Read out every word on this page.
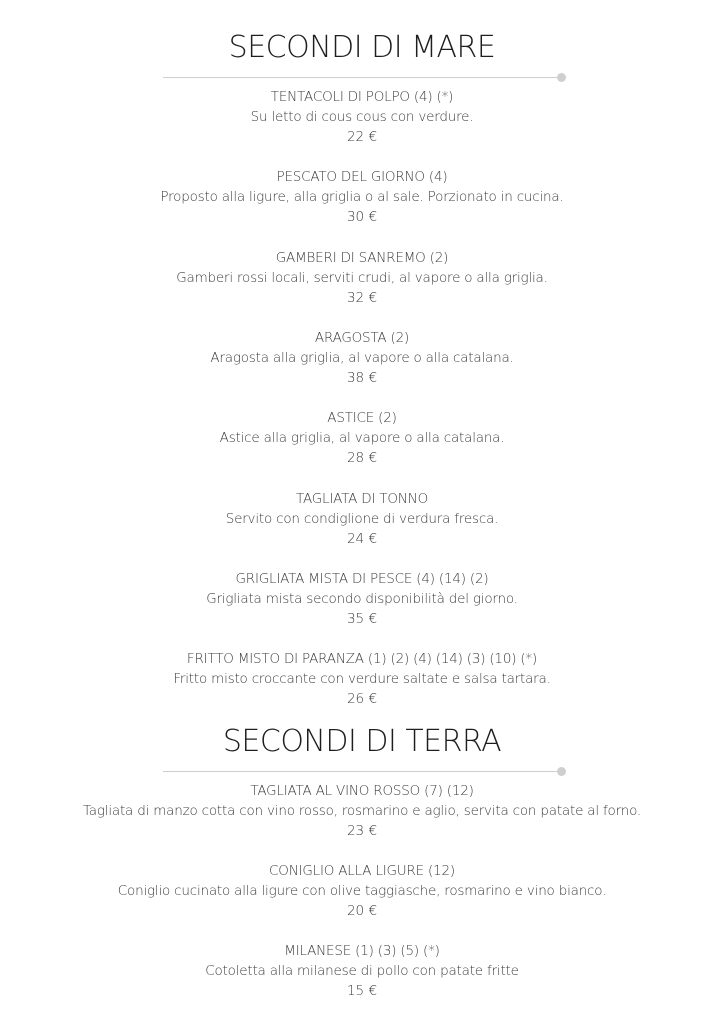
SECONDI DI MARE
TENTACOLI DI POLPO (4) (*)
Su letto di cous cous con verdure.
22 €
PESCATO DEL GIORNO (4)
Proposto alla ligure, alla griglia o al sale. Porzionato in cucina.
30 €
GAMBERI DI SANREMO (2)
Gamberi rossi locali, serviti crudi, al vapore o alla griglia.
32 €
ARAGOSTA (2)
Aragosta alla griglia, al vapore o alla catalana.
38 €
ASTICE (2)
Astice alla griglia, al vapore o alla catalana.
28 €
TAGLIATA DI TONNO
Servito con condiglione di verdura fresca.
24 €
GRIGLIATA MISTA DI PESCE (4) (14) (2)
Grigliata mista secondo disponibilità del giorno.
35 €
FRITTO MISTO DI PARANZA (1) (2) (4) (14) (3) (10) (*)
Fritto misto croccante con verdure saltate e salsa tartara.
26 €
SECONDI DI TERRA
TAGLIATA AL VINO ROSSO (7) (12)
Tagliata di manzo cotta con vino rosso, rosmarino e aglio, servita con patate al forno.
23 €
CONIGLIO ALLA LIGURE (12)
Coniglio cucinato alla ligure con olive taggiasche, rosmarino e vino bianco.
20 €
MILANESE (1) (3) (5) (*)
Cotoletta alla milanese di pollo con patate fritte
15 €
